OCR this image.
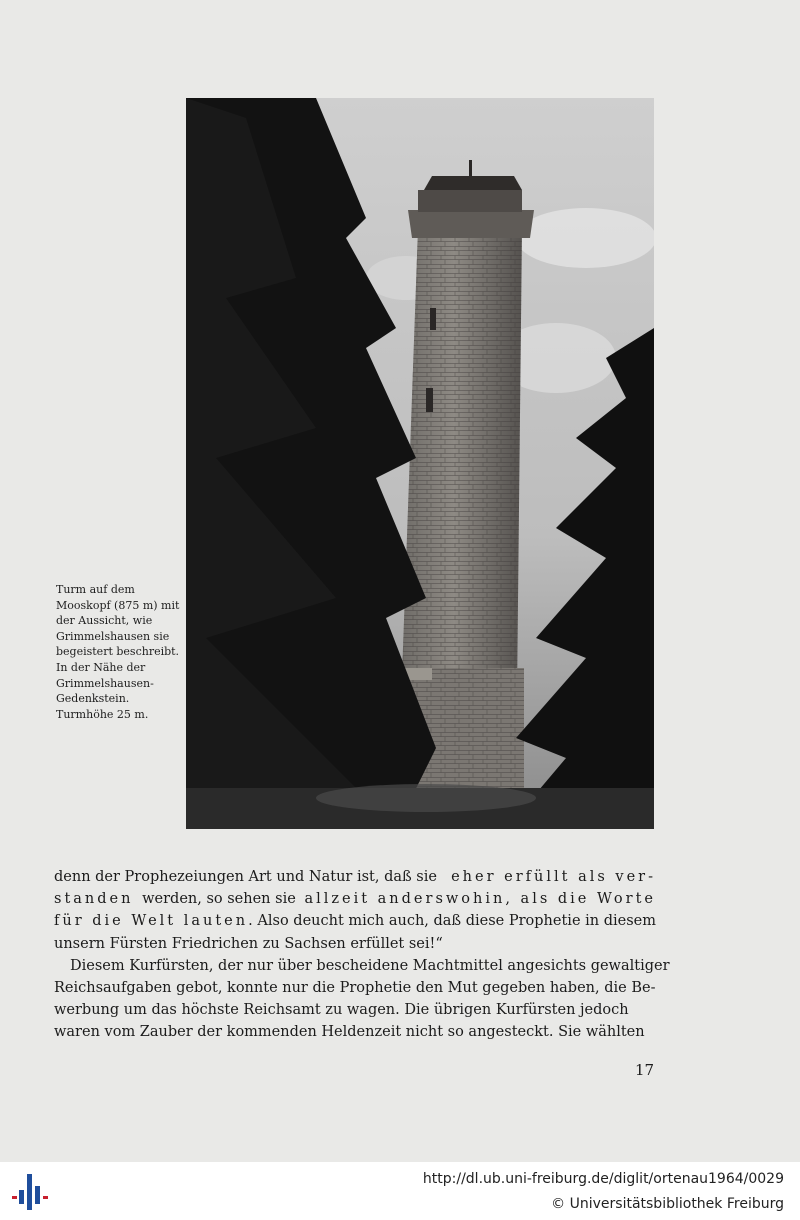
Turm auf dem
Mooskopf (875 m) mit
der Aussicht, wie
Grimmelshausen sie
begeistert beschreibt.
In der Nähe der
Grimmelshausen-
Gedenkstein.
Turmhöhe 25 m.
denn der Prophezeiungen Art und Natur ist, daß sie eher erfüllt als ver-
standen werden, so sehen sie allzeit anderswohin, als die Worte
für die Welt lauten. Also deucht mich auch, daß diese Prophetie in diesem
unsern Fürsten Friedrichen zu Sachsen erfüllet sei!“
Diesem Kurfürsten, der nur über bescheidene Machtmittel angesichts gewaltiger
Reichsaufgaben gebot, konnte nur die Prophetie den Mut gegeben haben, die Be-
werbung um das höchste Reichsamt zu wagen. Die übrigen Kurfürsten jedoch
waren vom Zauber der kommenden Heldenzeit nicht so angesteckt. Sie wählten
17
http://dl.ub.uni-freiburg.de/diglit/ortenau1964/0029
© Universitätsbibliothek Freiburg
